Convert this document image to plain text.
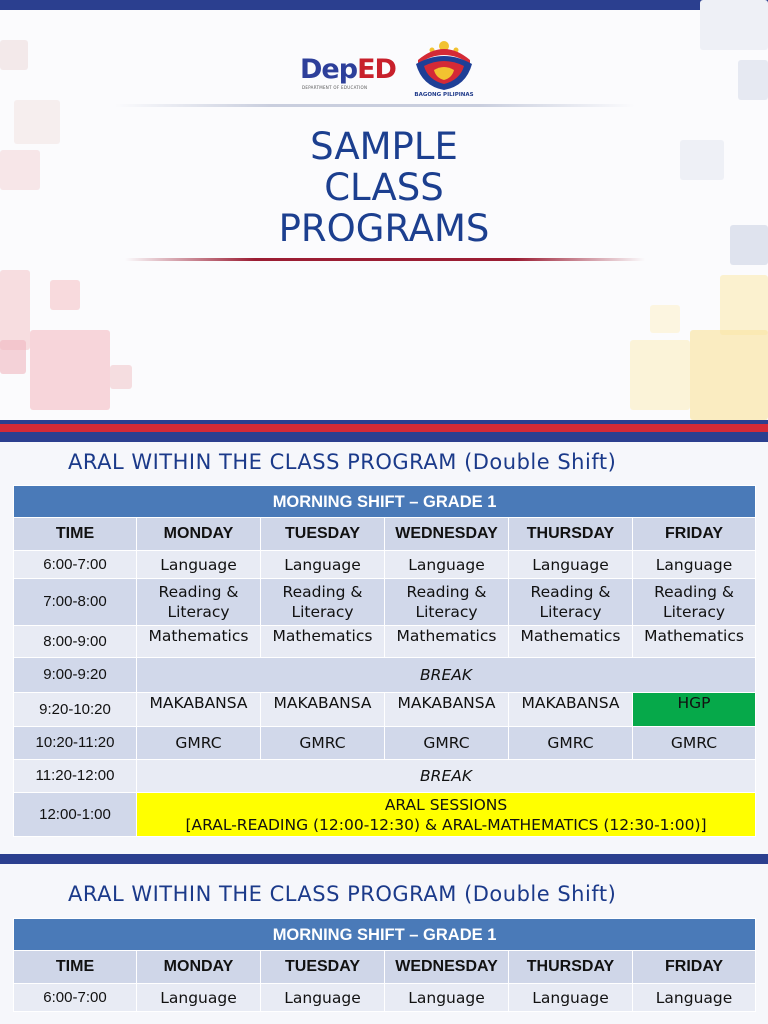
DepED
DEPARTMENT OF EDUCATION
BAGONG PILIPINAS
SAMPLE
CLASS
PROGRAMS
ARAL WITHIN THE CLASS PROGRAM (Double Shift)
MORNING SHIFT – GRADE 1					
TIME	MONDAY	TUESDAY	WEDNESDAY	THURSDAY	FRIDAY
6:00-7:00	Language	Language	Language	Language	Language
7:00-8:00	Reading & Literacy	Reading & Literacy	Reading & Literacy	Reading & Literacy	Reading & Literacy
8:00-9:00	Mathematics	Mathematics	Mathematics	Mathematics	Mathematics
9:00-9:20	BREAK				
9:20-10:20	MAKABANSA	MAKABANSA	MAKABANSA	MAKABANSA	HGP
10:20-11:20	GMRC	GMRC	GMRC	GMRC	GMRC
11:20-12:00	BREAK				
12:00-1:00	ARAL SESSIONS
[ARAL-READING (12:00-12:30) & ARAL-MATHEMATICS (12:30-1:00)]				
ARAL WITHIN THE CLASS PROGRAM (Double Shift)
MORNING SHIFT – GRADE 1					
TIME	MONDAY	TUESDAY	WEDNESDAY	THURSDAY	FRIDAY
6:00-7:00	Language	Language	Language	Language	Language
